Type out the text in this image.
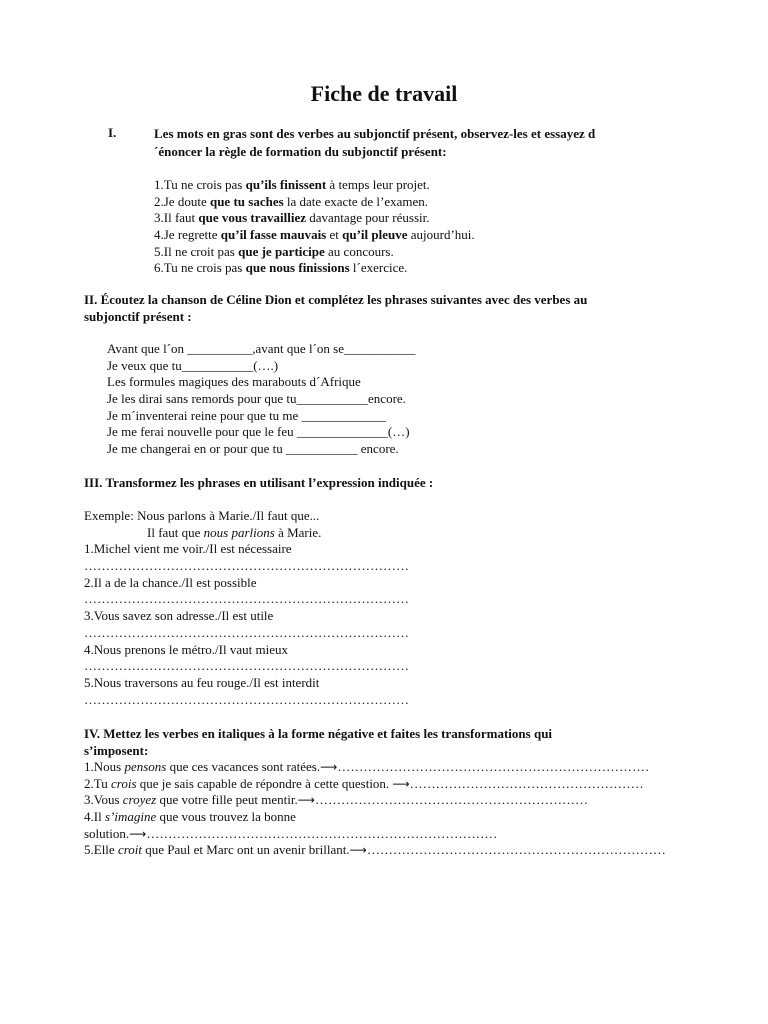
Fiche de travail
I.	Les mots en gras sont des verbes au subjonctif présent, observez-les et essayez d
´énoncer la règle de formation du subjonctif présent:
1.Tu ne crois pas qu’ils finissent à temps leur projet.
2.Je doute que tu saches la date exacte de l’examen.
3.Il faut que vous travailliez davantage pour réussir.
4.Je regrette qu’il fasse mauvais et qu’il pleuve aujourd’hui.
5.Il ne croit pas que je participe au concours.
6.Tu ne crois pas que nous finissions l´exercice.
II. Écoutez la chanson de Céline Dion et complétez les phrases suivantes avec des verbes au
subjonctif présent :
Avant que l´on __________,avant que l´on se___________
Je veux que tu___________(….)
Les formules magiques des marabouts d´Afrique
Je les dirai sans remords pour que tu___________encore.
Je m´inventerai reine pour que tu me _____________
Je me ferai nouvelle pour que le feu ______________(…)
Je me changerai en or pour que tu ___________ encore.
III. Transformez les phrases en utilisant l’expression indiquée :
Exemple: Nous parlons à Marie./Il faut que...
Il faut que nous parlions à Marie.
1.Michel vient me voir./Il est nécessaire
…………………………………………………………………
2.Il a de la chance./Il est possible
…………………………………………………………………
3.Vous savez son adresse./Il est utile
…………………………………………………………………
4.Nous prenons le métro./Il vaut mieux
…………………………………………………………………
5.Nous traversons au feu rouge./Il est interdit
…………………………………………………………………
IV. Mettez les verbes en italiques à la forme négative et faites les transformations qui
s’imposent:
1.Nous pensons que ces vacances sont ratées.⟶………………………………………………………………
2.Tu crois que je sais capable de répondre à cette question. ⟶………………………………………………
3.Vous croyez que votre fille peut mentir.⟶………………………………………………………
4.Il s’imagine que vous trouvez la bonne
solution.⟶………………………………………………………………………
5.Elle croit que Paul et Marc ont un avenir brillant.⟶……………………………………………………………
